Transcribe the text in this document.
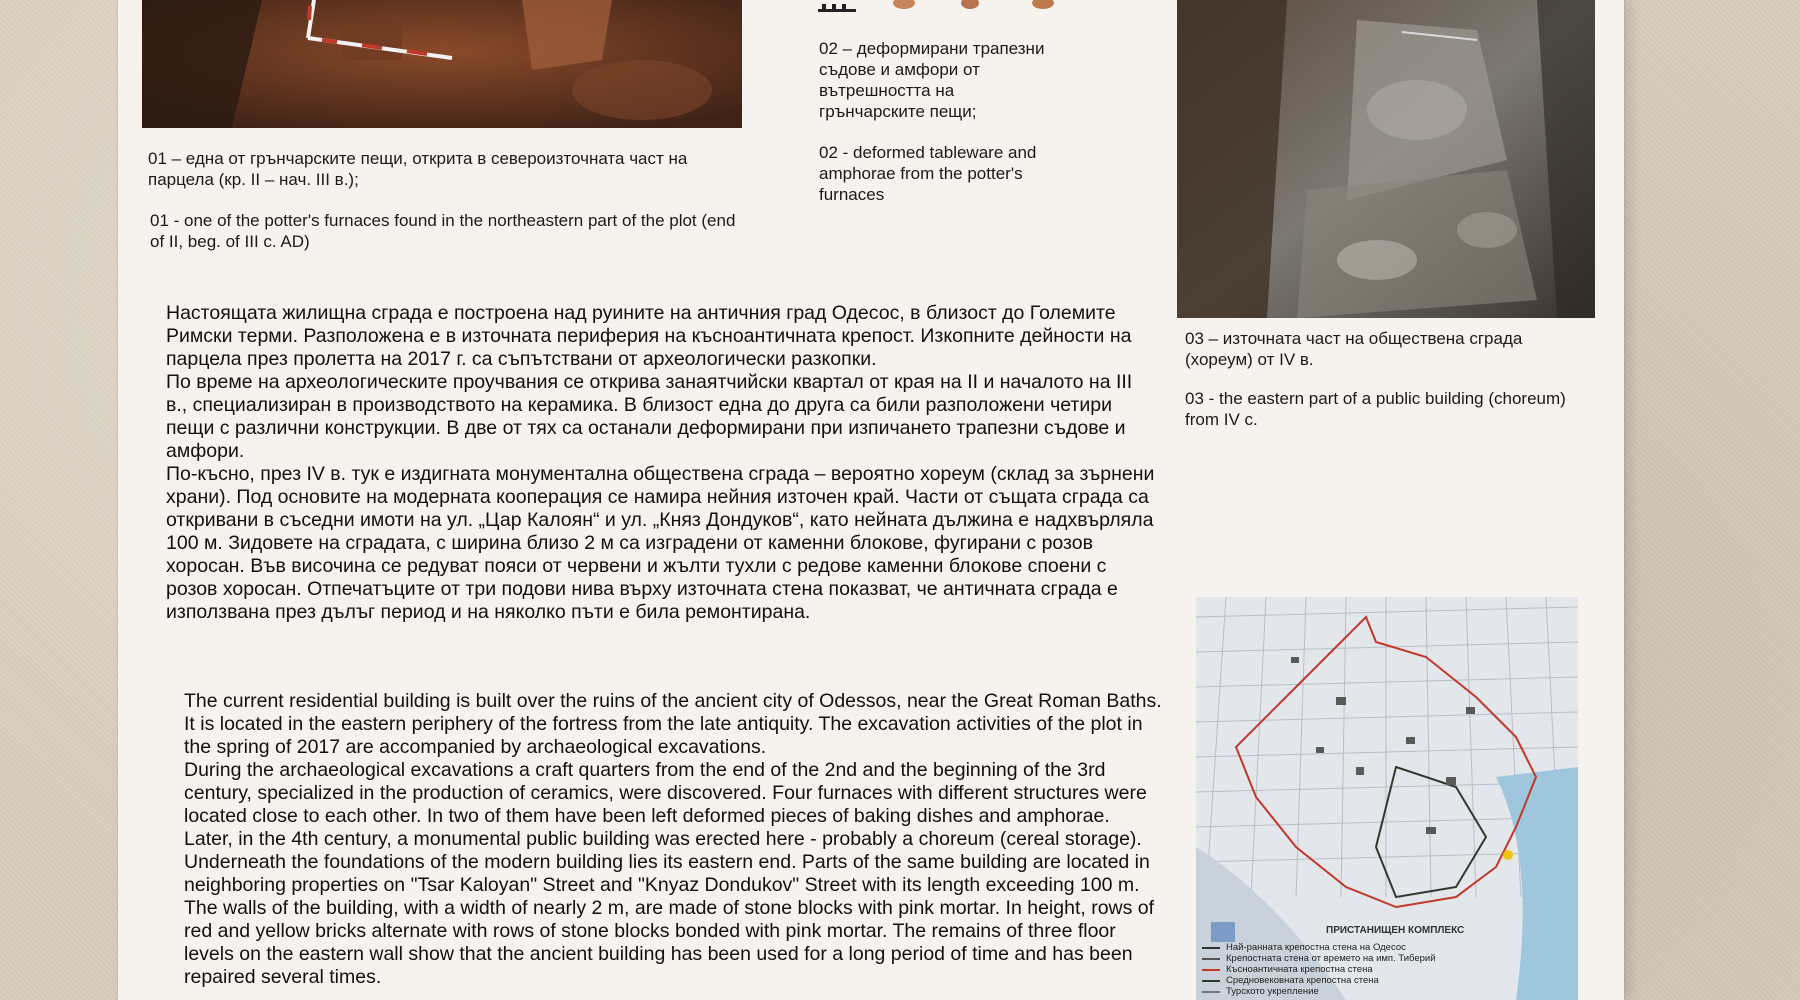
01 – една от грънчарските пещи, открита в североизточната част на парцела (кр. II – нач. III в.);
01 - one of the potter's furnaces found in the northeastern part of the plot (end of II, beg. of III c. AD)
02 – деформирани трапезни съдове и амфори от вътрешността на грънчарските пещи;
02 - deformed tableware and amphorae from the potter's furnaces
03 – източната част на обществена сграда (хореум) от IV в.
03 - the eastern part of a public building (choreum) from IV c.

Настоящата жилищна сграда е построена над руините на античния град Одесос, в близост до Големите Римски терми. Разположена е в източната периферия на късноантичната крепост. Изкопните дейности на парцела през пролетта на 2017 г. са съпътствани от археологически разкопки.

По време на археологическите проучвания се открива занаятчийски квартал от края на II и началото на III в., специализиран в производството на керамика. В близост една до друга са били разположени четири пещи с различни конструкции. В две от тях са останали деформирани при изпичането трапезни съдове и амфори.

По-късно, през IV в. тук е издигната монументална обществена сграда – вероятно хореум (склад за зърнени храни). Под основите на модерната кооперация се намира нейния източен край. Части от същата сграда са откривани в съседни имоти на ул. „Цар Калоян“ и ул. „Княз Дондуков“, като нейната дължина е надхвърляла 100 м. Зидовете на сградата, с ширина близо 2 м са изградени от каменни блокове, фугирани с розов хоросан. Във височина се редуват пояси от червени и жълти тухли с редове каменни блокове споени с розов хоросан. Отпечатъците от три подови нива върху източната стена показват, че античната сграда е използвана през дълъг период и на няколко пъти е била ремонтирана.

The current residential building is built over the ruins of the ancient city of Odessos, near the Great Roman Baths. It is located in the eastern periphery of the fortress from the late antiquity. The excavation activities of the plot in the spring of 2017 are accompanied by archaeological excavations.

During the archaeological excavations a craft quarters from the end of the 2nd and the beginning of the 3rd century, specialized in the production of ceramics, were discovered. Four furnaces with different structures were located close to each other. In two of them have been left deformed pieces of baking dishes and amphorae.

Later, in the 4th century, a monumental public building was erected here - probably a choreum (cereal storage). Underneath the foundations of the modern building lies its eastern end. Parts of the same building are located in neighboring properties on "Tsar Kaloyan" Street and "Knyaz Dondukov" Street with its length exceeding 100 m. The walls of the building, with a width of nearly 2 m, are made of stone blocks with pink mortar. In height, rows of red and yellow bricks alternate with rows of stone blocks bonded with pink mortar. The remains of three floor levels on the eastern wall show that the ancient building has been used for a long period of time and has been repaired several times.

ПРИСТАНИЩЕН КОМПЛЕКС
Най-ранната крепостна стена на Одесос
Крепостната стена от времето на имп. Тиберий
Късноантичната крепостна стена
Средновековната крепостна стена
Турското укрепление
